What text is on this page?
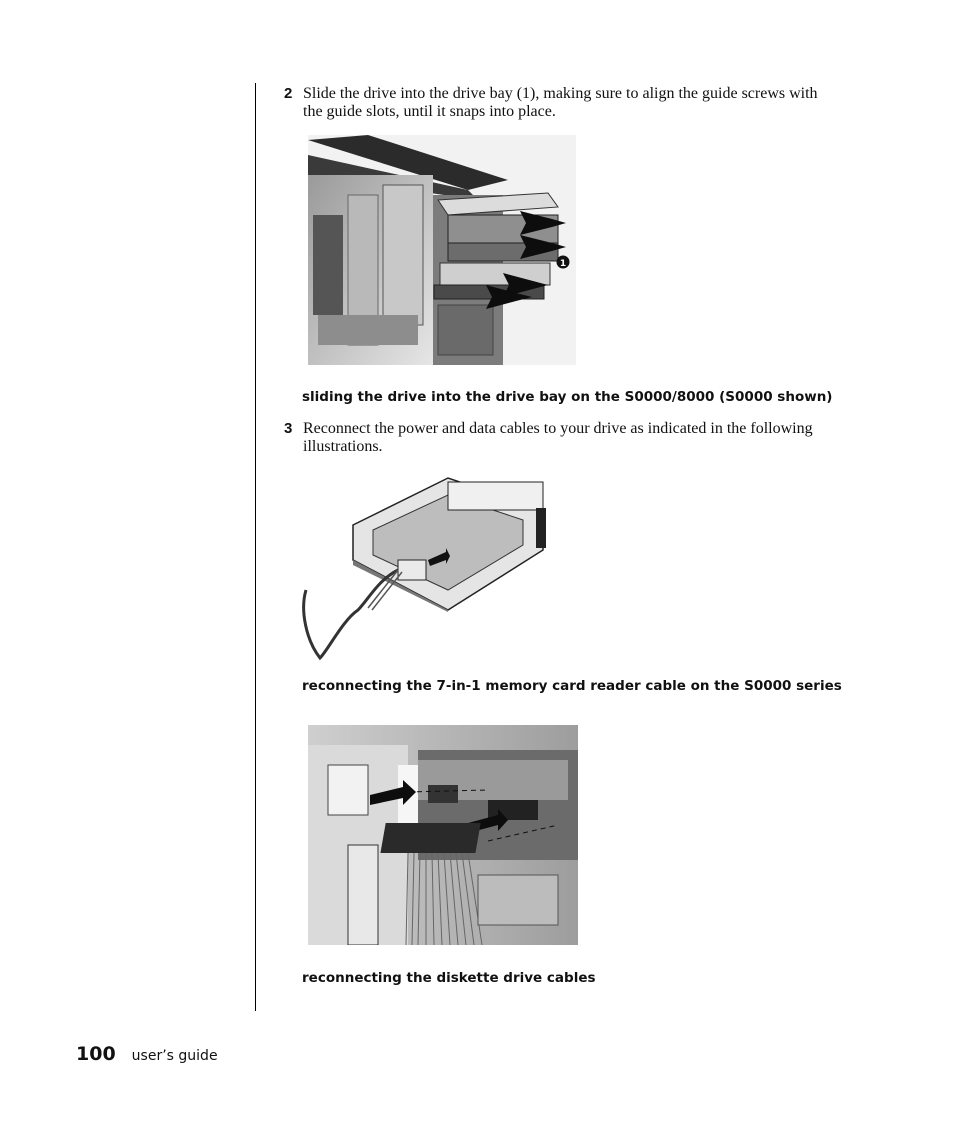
2 Slide the drive into the drive bay (1), making sure to align the guide screws with the guide slots, until it snaps into place.
1
sliding the drive into the drive bay on the S0000/8000 (S0000 shown)
3 Reconnect the power and data cables to your drive as indicated in the following illustrations.
reconnecting the 7-in-1 memory card reader cable on the S0000 series
reconnecting the diskette drive cables
100 user’s guide
